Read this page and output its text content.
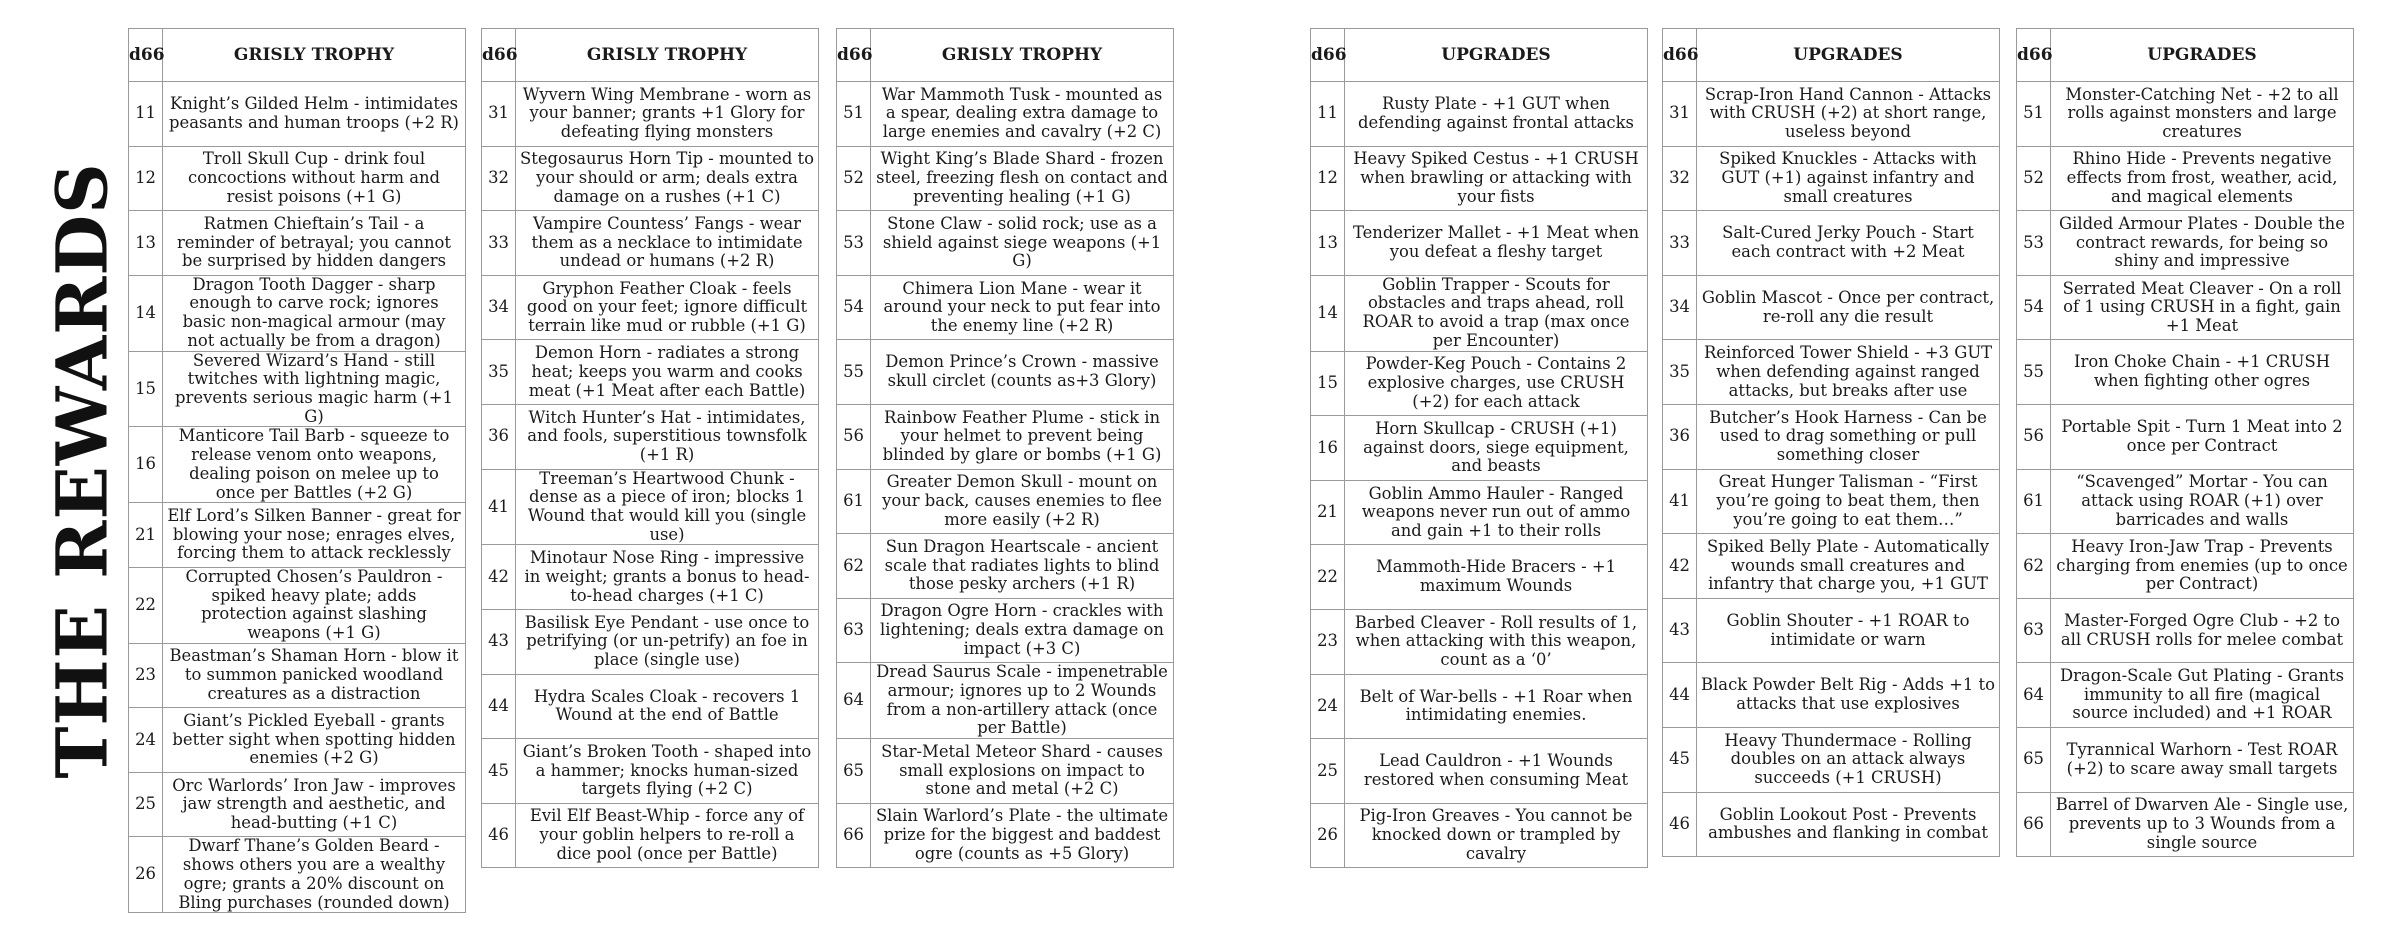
THE REWARDS
d66	GRISLY TROPHY
11	Knight’s Gilded Helm - intimidates peasants and human troops (+2 R)
12	Troll Skull Cup - drink foul concoctions without harm and resist poisons (+1 G)
13	Ratmen Chieftain’s Tail - a reminder of betrayal; you cannot be surprised by hidden dangers
14	Dragon Tooth Dagger - sharp enough to carve rock; ignores basic non-magical armour (may not actually be from a dragon)
15	Severed Wizard’s Hand - still twitches with lightning magic, prevents serious magic harm (+1 G)
16	Manticore Tail Barb - squeeze to release venom onto weapons, dealing poison on melee up to once per Battles (+2 G)
21	Elf Lord’s Silken Banner - great for blowing your nose; enrages elves, forcing them to attack recklessly
22	Corrupted Chosen’s Pauldron - spiked heavy plate; adds protection against slashing weapons (+1 G)
23	Beastman’s Shaman Horn - blow it to summon panicked woodland creatures as a distraction
24	Giant’s Pickled Eyeball - grants better sight when spotting hidden enemies (+2 G)
25	Orc Warlords’ Iron Jaw - improves jaw strength and aesthetic, and head-butting (+1 C)
26	Dwarf Thane’s Golden Beard - shows others you are a wealthy ogre; grants a 20% discount on Bling purchases (rounded down)
d66	GRISLY TROPHY
31	Wyvern Wing Membrane - worn as your banner; grants +1 Glory for defeating flying monsters
32	Stegosaurus Horn Tip - mounted to your should or arm; deals extra damage on a rushes (+1 C)
33	Vampire Countess’ Fangs - wear them as a necklace to intimidate undead or humans (+2 R)
34	Gryphon Feather Cloak - feels good on your feet; ignore difficult terrain like mud or rubble (+1 G)
35	Demon Horn - radiates a strong heat; keeps you warm and cooks meat (+1 Meat after each Battle)
36	Witch Hunter’s Hat - intimidates, and fools, superstitious townsfolk (+1 R)
41	Treeman’s Heartwood Chunk - dense as a piece of iron; blocks 1 Wound that would kill you (single use)
42	Minotaur Nose Ring - impressive in weight; grants a bonus to head-to-head charges (+1 C)
43	Basilisk Eye Pendant - use once to petrifying (or un-petrify) an foe in place (single use)
44	Hydra Scales Cloak - recovers 1 Wound at the end of Battle
45	Giant’s Broken Tooth - shaped into a hammer; knocks human-sized targets flying (+2 C)
46	Evil Elf Beast-Whip - force any of your goblin helpers to re-roll a dice pool (once per Battle)
d66	GRISLY TROPHY
51	War Mammoth Tusk - mounted as a spear, dealing extra damage to large enemies and cavalry (+2 C)
52	Wight King’s Blade Shard - frozen steel, freezing flesh on contact and preventing healing (+1 G)
53	Stone Claw - solid rock; use as a shield against siege weapons (+1 G)
54	Chimera Lion Mane - wear it around your neck to put fear into the enemy line (+2 R)
55	Demon Prince’s Crown - massive skull circlet (counts as+3 Glory)
56	Rainbow Feather Plume - stick in your helmet to prevent being blinded by glare or bombs (+1 G)
61	Greater Demon Skull - mount on your back, causes enemies to flee more easily (+2 R)
62	Sun Dragon Heartscale - ancient scale that radiates lights to blind those pesky archers (+1 R)
63	Dragon Ogre Horn - crackles with lightening; deals extra damage on impact (+3 C)
64	Dread Saurus Scale - impenetrable armour; ignores up to 2 Wounds from a non-artillery attack (once per Battle)
65	Star-Metal Meteor Shard - causes small explosions on impact to stone and metal (+2 C)
66	Slain Warlord’s Plate - the ultimate prize for the biggest and baddest ogre (counts as +5 Glory)
d66	UPGRADES
11	Rusty Plate - +1 GUT when defending against frontal attacks
12	Heavy Spiked Cestus - +1 CRUSH when brawling or attacking with your fists
13	Tenderizer Mallet - +1 Meat when you defeat a fleshy target
14	Goblin Trapper - Scouts for obstacles and traps ahead, roll ROAR to avoid a trap (max once per Encounter)
15	Powder-Keg Pouch - Contains 2 explosive charges, use CRUSH (+2) for each attack
16	Horn Skullcap - CRUSH (+1) against doors, siege equipment, and beasts
21	Goblin Ammo Hauler - Ranged weapons never run out of ammo and gain +1 to their rolls
22	Mammoth-Hide Bracers - +1 maximum Wounds
23	Barbed Cleaver - Roll results of 1, when attacking with this weapon, count as a ‘0’
24	Belt of War-bells - +1 Roar when intimidating enemies.
25	Lead Cauldron - +1 Wounds restored when consuming Meat
26	Pig-Iron Greaves - You cannot be knocked down or trampled by cavalry
d66	UPGRADES
31	Scrap-Iron Hand Cannon - Attacks with CRUSH (+2) at short range, useless beyond
32	Spiked Knuckles - Attacks with GUT (+1) against infantry and small creatures
33	Salt-Cured Jerky Pouch - Start each contract with +2 Meat
34	Goblin Mascot - Once per contract, re-roll any die result
35	Reinforced Tower Shield - +3 GUT when defending against ranged attacks, but breaks after use
36	Butcher’s Hook Harness - Can be used to drag something or pull something closer
41	Great Hunger Talisman - “First you’re going to beat them, then you’re going to eat them…”
42	Spiked Belly Plate - Automatically wounds small creatures and infantry that charge you, +1 GUT
43	Goblin Shouter - +1 ROAR to intimidate or warn
44	Black Powder Belt Rig - Adds +1 to attacks that use explosives
45	Heavy Thundermace - Rolling doubles on an attack always succeeds (+1 CRUSH)
46	Goblin Lookout Post - Prevents ambushes and flanking in combat
d66	UPGRADES
51	Monster-Catching Net - +2 to all rolls against monsters and large creatures
52	Rhino Hide - Prevents negative effects from frost, weather, acid, and magical elements
53	Gilded Armour Plates - Double the contract rewards, for being so shiny and impressive
54	Serrated Meat Cleaver - On a roll of 1 using CRUSH in a fight, gain +1 Meat
55	Iron Choke Chain - +1 CRUSH when fighting other ogres
56	Portable Spit - Turn 1 Meat into 2 once per Contract
61	“Scavenged” Mortar - You can attack using ROAR (+1) over barricades and walls
62	Heavy Iron-Jaw Trap - Prevents charging from enemies (up to once per Contract)
63	Master-Forged Ogre Club - +2 to all CRUSH rolls for melee combat
64	Dragon-Scale Gut Plating - Grants immunity to all fire (magical source included) and +1 ROAR
65	Tyrannical Warhorn - Test ROAR (+2) to scare away small targets
66	Barrel of Dwarven Ale - Single use, prevents up to 3 Wounds from a single source
